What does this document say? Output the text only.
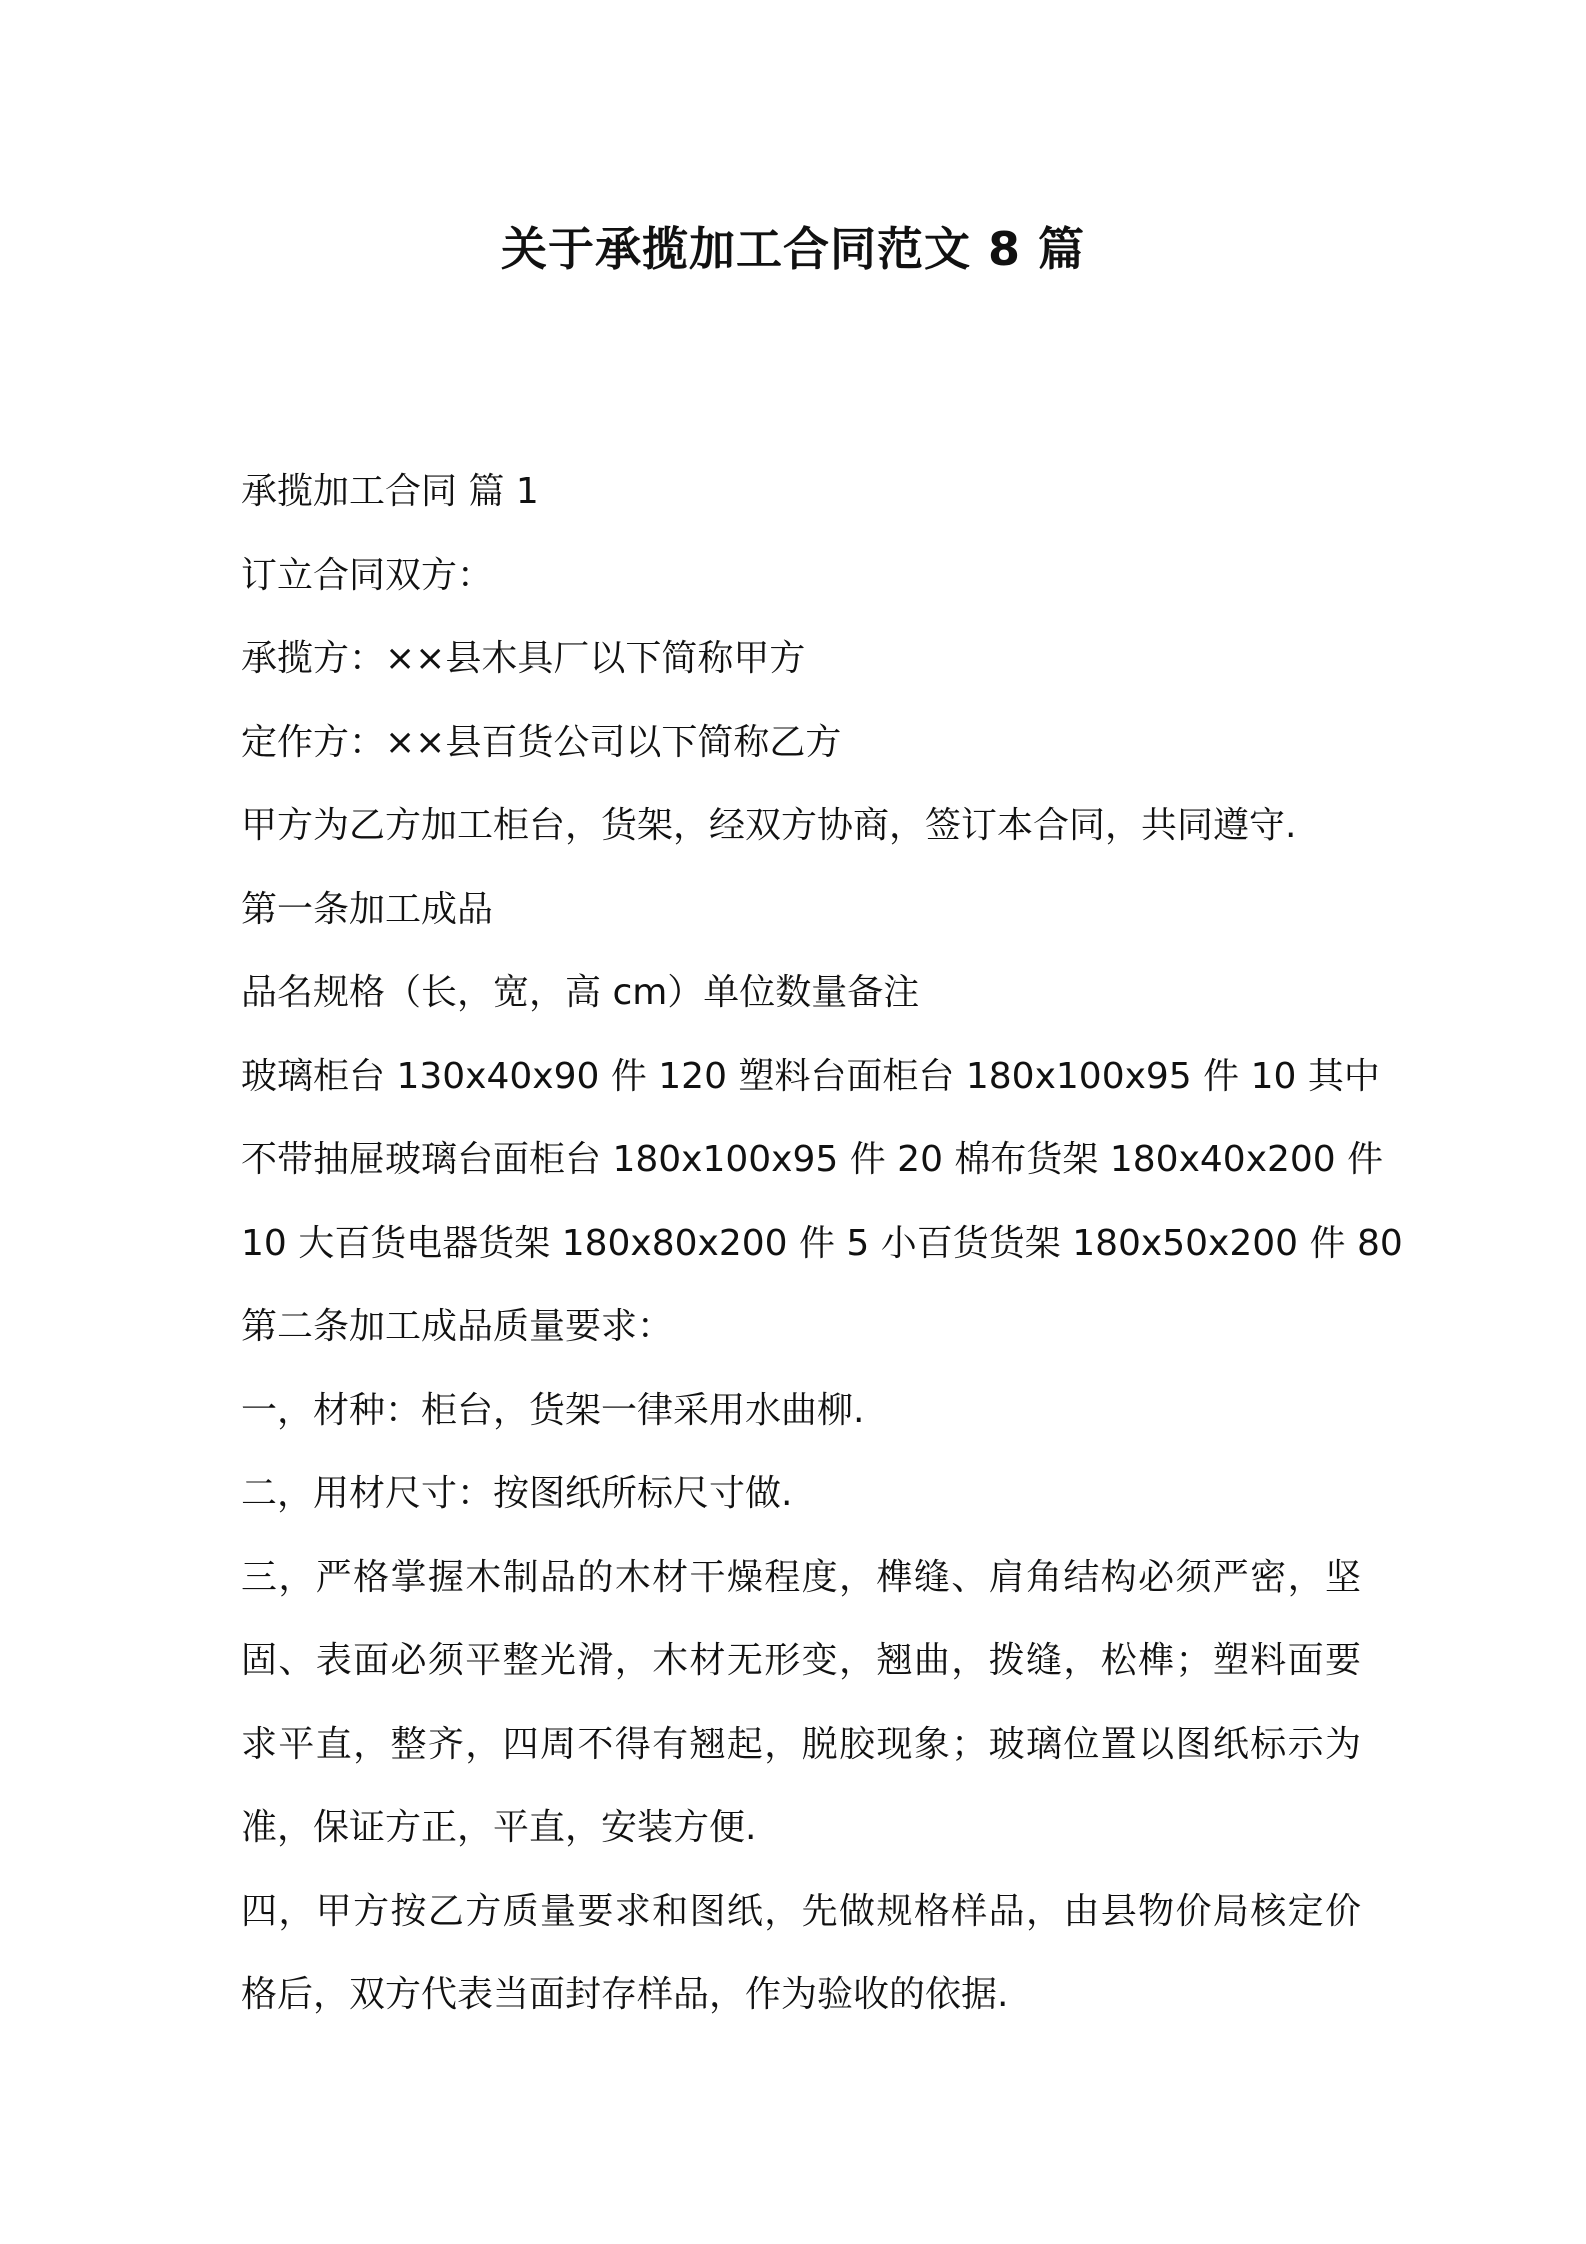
关于承揽加工合同范文 8 篇

承揽加工合同 篇 1

订立合同双方：

承揽方：××县木具厂以下简称甲方

定作方：××县百货公司以下简称乙方

甲方为乙方加工柜台，货架，经双方协商，签订本合同，共同遵守.

第一条加工成品

品名规格（长，宽，高 cm）单位数量备注

玻璃柜台 130x40x90 件 120 塑料台面柜台 180x100x95 件 10 其中

不带抽屉玻璃台面柜台 180x100x95 件 20 棉布货架 180x40x200 件

10 大百货电器货架 180x80x200 件 5 小百货货架 180x50x200 件 80

第二条加工成品质量要求：

一，材种：柜台，货架一律采用水曲柳.

二，用材尺寸：按图纸所标尺寸做.

三，严格掌握木制品的木材干燥程度，榫缝、肩角结构必须严密，坚

固、表面必须平整光滑，木材无形变，翘曲，拨缝，松榫；塑料面要

求平直，整齐，四周不得有翘起，脱胶现象；玻璃位置以图纸标示为

准，保证方正，平直，安装方便.

四，甲方按乙方质量要求和图纸，先做规格样品，由县物价局核定价

格后，双方代表当面封存样品，作为验收的依据.
